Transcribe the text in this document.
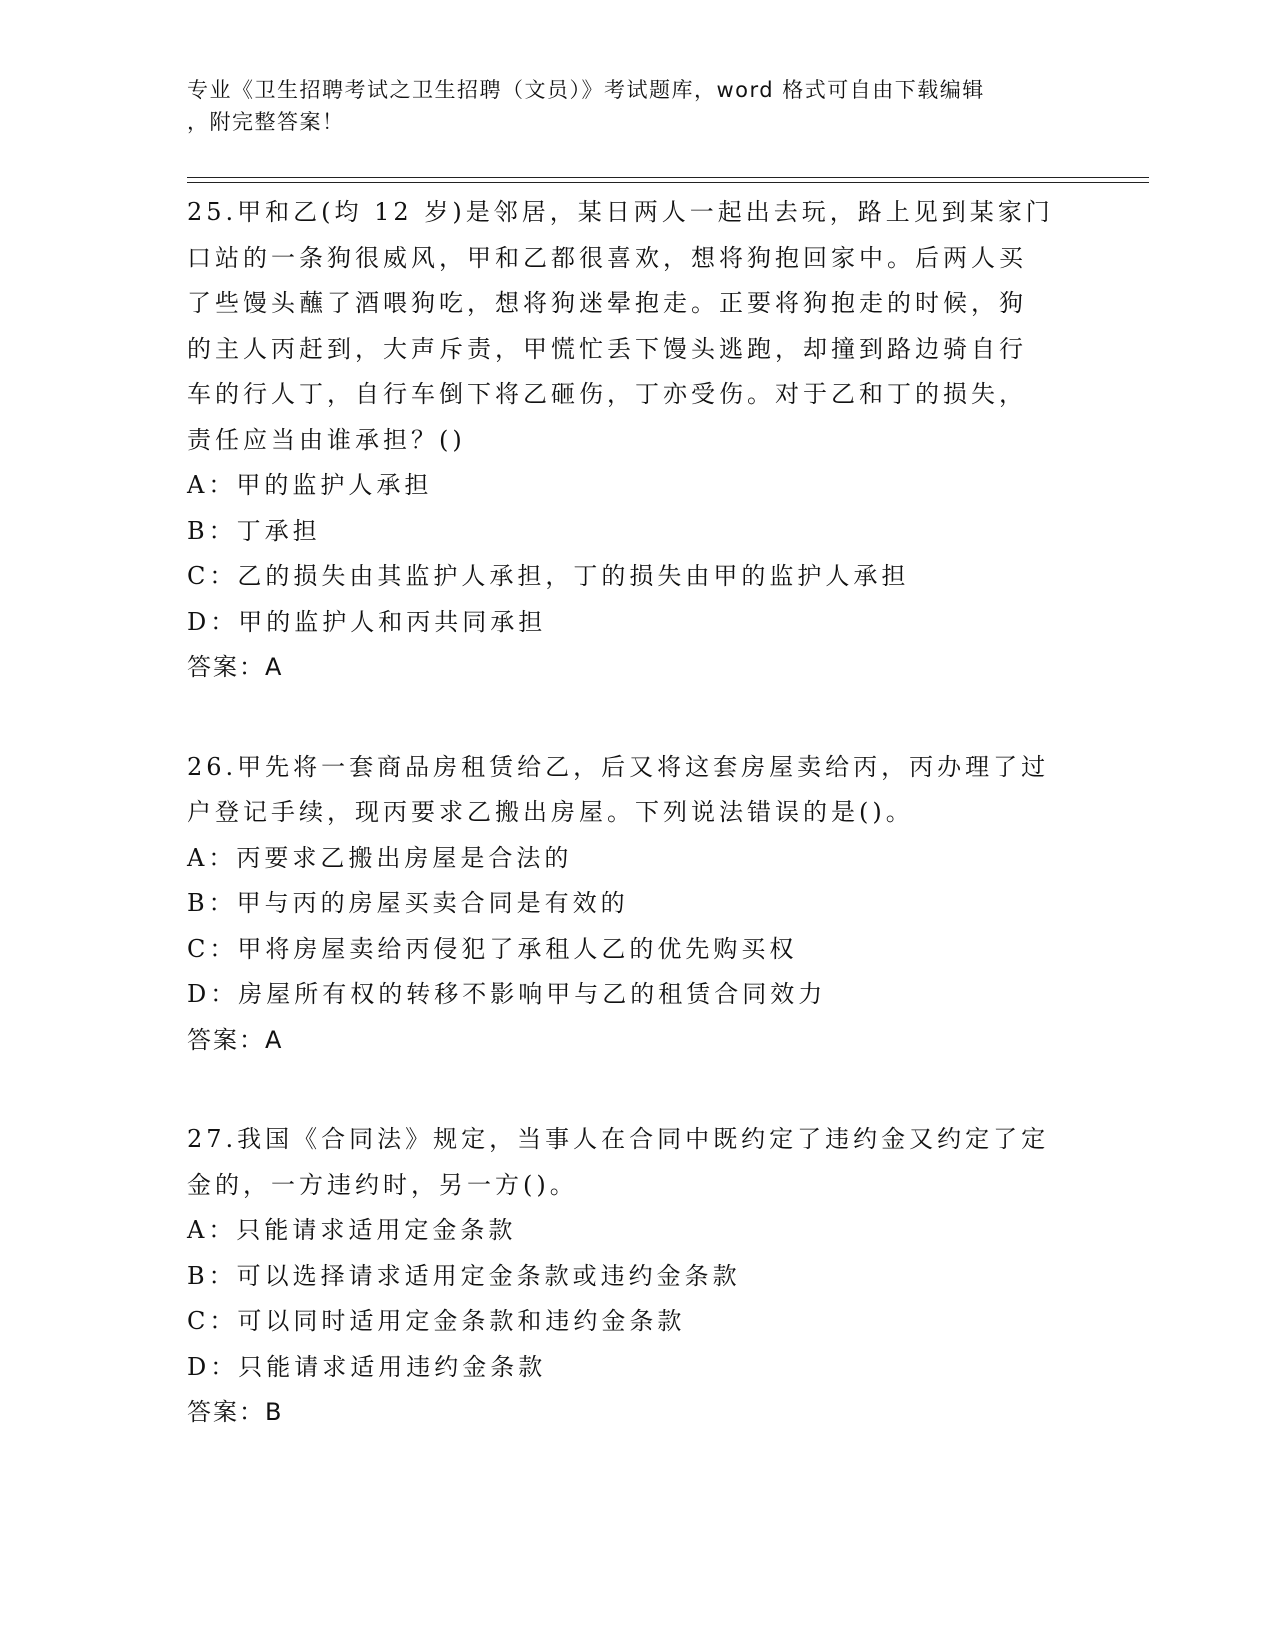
专业《卫生招聘考试之卫生招聘（文员）》考试题库，word 格式可自由下载编辑
，附完整答案！
25.甲和乙(均 12 岁)是邻居，某日两人一起出去玩，路上见到某家门
口站的一条狗很威风，甲和乙都很喜欢，想将狗抱回家中。后两人买
了些馒头蘸了酒喂狗吃，想将狗迷晕抱走。正要将狗抱走的时候，狗
的主人丙赶到，大声斥责，甲慌忙丢下馒头逃跑，却撞到路边骑自行
车的行人丁，自行车倒下将乙砸伤，丁亦受伤。对于乙和丁的损失，
责任应当由谁承担？()
A：甲的监护人承担
B：丁承担
C：乙的损失由其监护人承担，丁的损失由甲的监护人承担
D：甲的监护人和丙共同承担
答案：A
26.甲先将一套商品房租赁给乙，后又将这套房屋卖给丙，丙办理了过
户登记手续，现丙要求乙搬出房屋。下列说法错误的是()。
A：丙要求乙搬出房屋是合法的
B：甲与丙的房屋买卖合同是有效的
C：甲将房屋卖给丙侵犯了承租人乙的优先购买权
D：房屋所有权的转移不影响甲与乙的租赁合同效力
答案：A
27.我国《合同法》规定，当事人在合同中既约定了违约金又约定了定
金的，一方违约时，另一方()。
A：只能请求适用定金条款
B：可以选择请求适用定金条款或违约金条款
C：可以同时适用定金条款和违约金条款
D：只能请求适用违约金条款
答案：B
